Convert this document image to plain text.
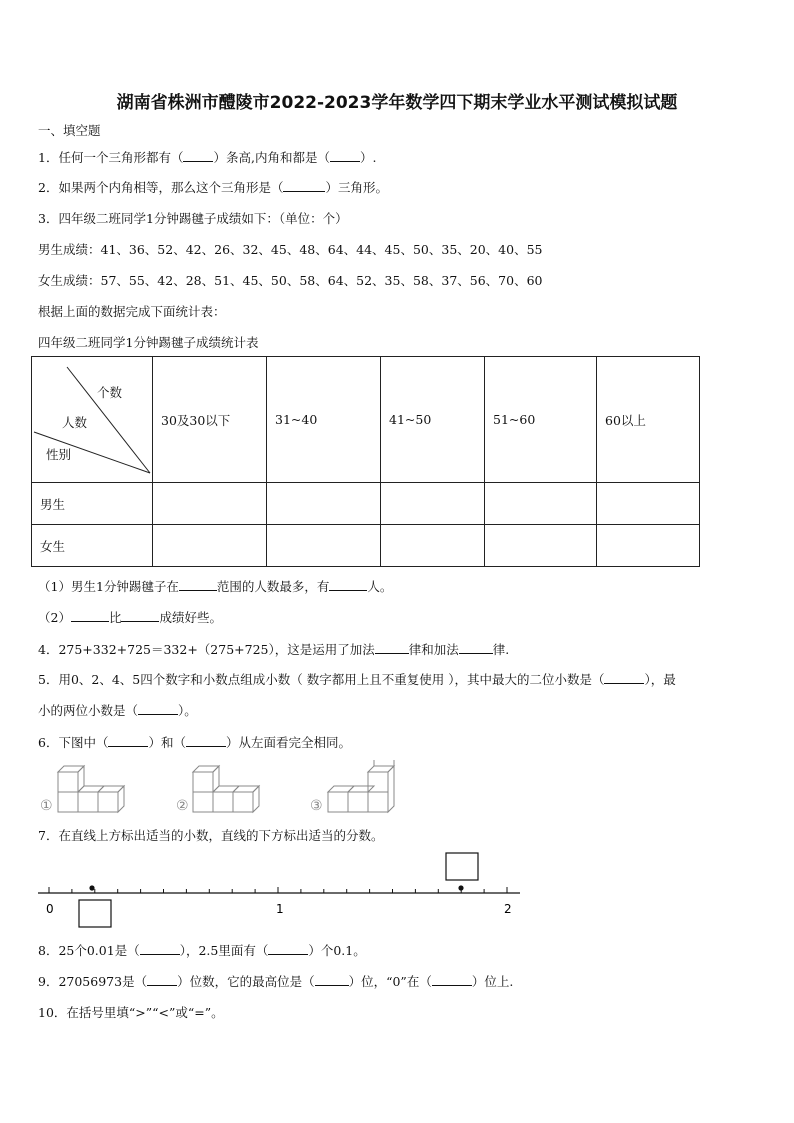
湖南省株洲市醴陵市2022-2023学年数学四下期末学业水平测试模拟试题
一、填空题
1．任何一个三角形都有（ ）条高,内角和都是（ ）.
2．如果两个内角相等，那么这个三角形是（	）三角形。
3．四年级二班同学1分钟踢毽子成绩如下：（单位：个）
男生成绩：41、36、52、42、26、32、45、48、64、44、45、50、35、20、40、55
女生成绩：57、55、42、28、51、45、50、58、64、52、35、58、37、56、70、60
根据上面的数据完成下面统计表：
四年级二班同学1分钟踢毽子成绩统计表
个数
人数
性别	30及30以下	31~40	41~50	51~60	60以上
男生					
女生					
（1）男生1分钟踢毽子在	范围的人数最多，有	人。
（2）	比	成绩好些。
4．275+332+725＝332+（275+725），这是运用了加法	律和加法	律.
5．用0、2、4、5四个数字和小数点组成小数（ 数字都用上且不重复使用 ），其中最大的二位小数是（	），最
小的两位小数是（	）。
6．下图中（	）和（	）从左面看完全相同。
①	②	③
7．在直线上方标出适当的小数，直线的下方标出适当的分数。
0	1	2
8．25个0.01是（	），2.5里面有（	）个0.1。
9．27056973是（ ）位数，它的最高位是（	）位，“0”在（	）位上.
10．在括号里填“>”“<”或“=”。
